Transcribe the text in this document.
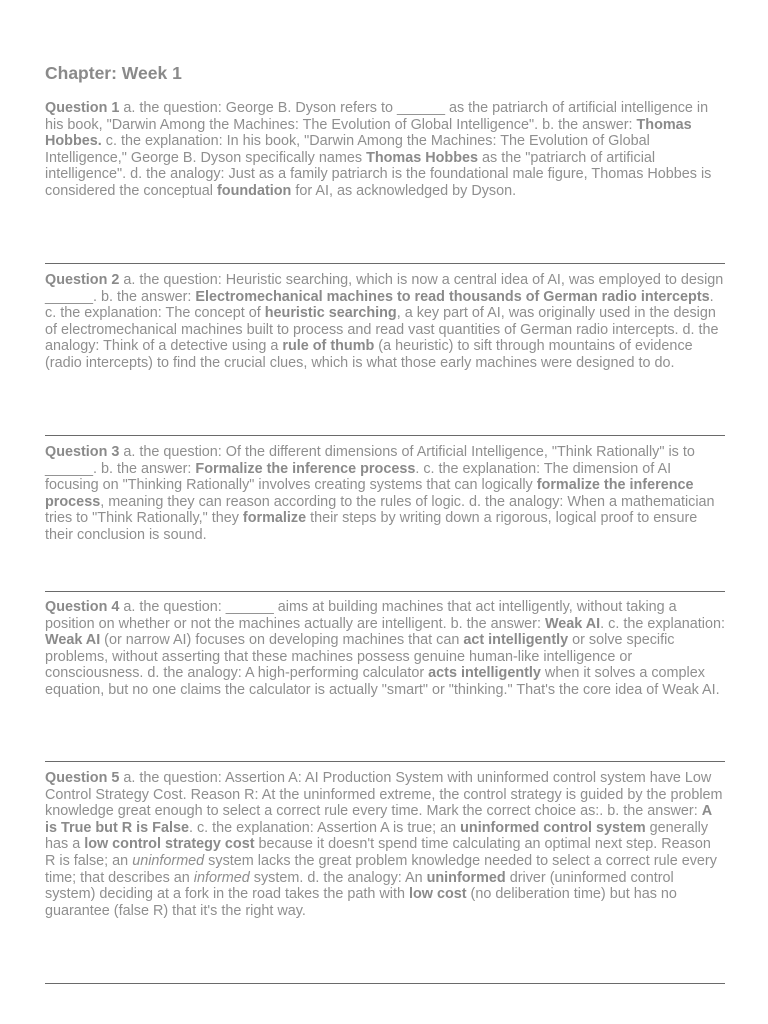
Chapter: Week 1
Question 1 a. the question: George B. Dyson refers to ______ as the patriarch of artificial intelligence in his book, "Darwin Among the Machines: The Evolution of Global Intelligence". b. the answer: Thomas Hobbes. c. the explanation: In his book, "Darwin Among the Machines: The Evolution of Global Intelligence," George B. Dyson specifically names Thomas Hobbes as the "patriarch of artificial intelligence". d. the analogy: Just as a family patriarch is the foundational male figure, Thomas Hobbes is considered the conceptual foundation for AI, as acknowledged by Dyson.
Question 2 a. the question: Heuristic searching, which is now a central idea of AI, was employed to design ______. b. the answer: Electromechanical machines to read thousands of German radio intercepts. c. the explanation: The concept of heuristic searching, a key part of AI, was originally used in the design of electromechanical machines built to process and read vast quantities of German radio intercepts. d. the analogy: Think of a detective using a rule of thumb (a heuristic) to sift through mountains of evidence (radio intercepts) to find the crucial clues, which is what those early machines were designed to do.
Question 3 a. the question: Of the different dimensions of Artificial Intelligence, "Think Rationally" is to ______. b. the answer: Formalize the inference process. c. the explanation: The dimension of AI focusing on "Thinking Rationally" involves creating systems that can logically formalize the inference process, meaning they can reason according to the rules of logic. d. the analogy: When a mathematician tries to "Think Rationally," they formalize their steps by writing down a rigorous, logical proof to ensure their conclusion is sound.
Question 4 a. the question: ______ aims at building machines that act intelligently, without taking a position on whether or not the machines actually are intelligent. b. the answer: Weak AI. c. the explanation: Weak AI (or narrow AI) focuses on developing machines that can act intelligently or solve specific problems, without asserting that these machines possess genuine human-like intelligence or consciousness. d. the analogy: A high-performing calculator acts intelligently when it solves a complex equation, but no one claims the calculator is actually "smart" or "thinking." That's the core idea of Weak AI.
Question 5 a. the question: Assertion A: AI Production System with uninformed control system have Low Control Strategy Cost. Reason R: At the uninformed extreme, the control strategy is guided by the problem knowledge great enough to select a correct rule every time. Mark the correct choice as:. b. the answer: A is True but R is False. c. the explanation: Assertion A is true; an uninformed control system generally has a low control strategy cost because it doesn't spend time calculating an optimal next step. Reason R is false; an uninformed system lacks the great problem knowledge needed to select a correct rule every time; that describes an informed system. d. the analogy: An uninformed driver (uninformed control system) deciding at a fork in the road takes the path with low cost (no deliberation time) but has no guarantee (false R) that it's the right way.
